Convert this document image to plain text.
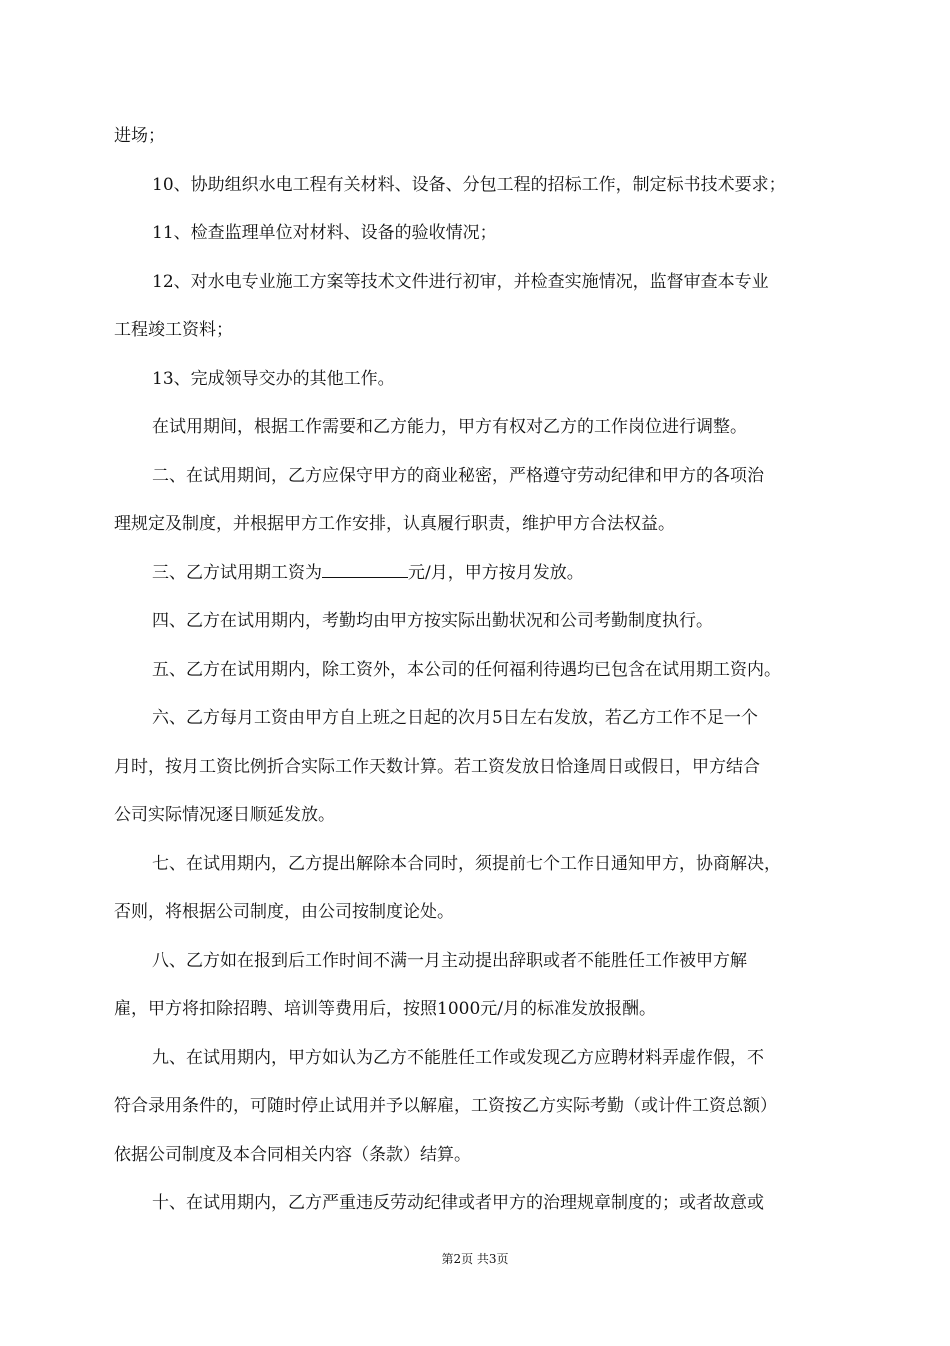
进场；
10、协助组织水电工程有关材料、设备、分包工程的招标工作，制定标书技术要求；
11、检查监理单位对材料、设备的验收情况；
12、对水电专业施工方案等技术文件进行初审，并检查实施情况，监督审查本专业
工程竣工资料；
13、完成领导交办的其他工作。
在试用期间，根据工作需要和乙方能力，甲方有权对乙方的工作岗位进行调整。
二、在试用期间，乙方应保守甲方的商业秘密，严格遵守劳动纪律和甲方的各项治
理规定及制度，并根据甲方工作安排，认真履行职责，维护甲方合法权益。
三、乙方试用期工资为	元/月，甲方按月发放。
四、乙方在试用期内，考勤均由甲方按实际出勤状况和公司考勤制度执行。
五、乙方在试用期内，除工资外，本公司的任何福利待遇均已包含在试用期工资内。
六、乙方每月工资由甲方自上班之日起的次月5日左右发放，若乙方工作不足一个
月时，按月工资比例折合实际工作天数计算。若工资发放日恰逢周日或假日，甲方结合
公司实际情况逐日顺延发放。
七、在试用期内，乙方提出解除本合同时，须提前七个工作日通知甲方，协商解决，
否则，将根据公司制度，由公司按制度论处。
八、乙方如在报到后工作时间不满一月主动提出辞职或者不能胜任工作被甲方解
雇，甲方将扣除招聘、培训等费用后，按照1000元/月的标准发放报酬。
九、在试用期内，甲方如认为乙方不能胜任工作或发现乙方应聘材料弄虚作假，不
符合录用条件的，可随时停止试用并予以解雇，工资按乙方实际考勤（或计件工资总额）
依据公司制度及本合同相关内容（条款）结算。
十、在试用期内，乙方严重违反劳动纪律或者甲方的治理规章制度的；或者故意或
第2页 共3页
